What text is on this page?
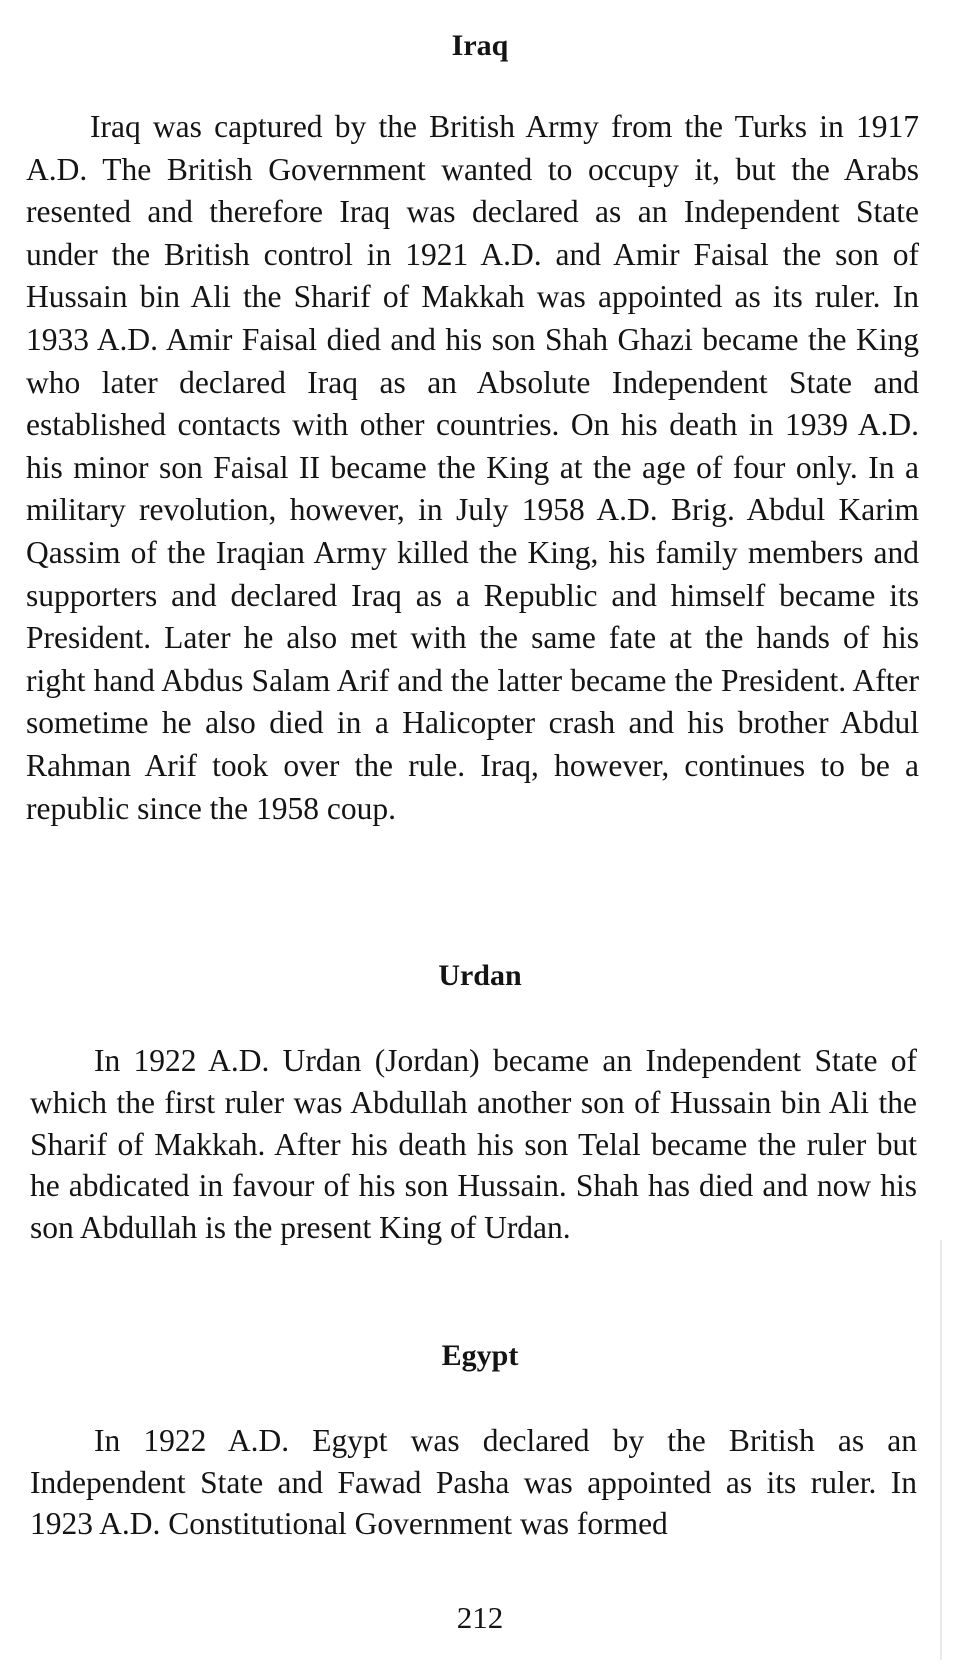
Iraq

Iraq was captured by the British Army from the Turks in 1917 A.D. The British Government wanted to occupy it, but the Arabs resented and therefore Iraq was declared as an Independent State under the British control in 1921 A.D. and Amir Faisal the son of Hussain bin Ali the Sharif of Makkah was appointed as its ruler. In 1933 A.D. Amir Faisal died and his son Shah Ghazi became the King who later declared Iraq as an Absolute Independent State and established contacts with other countries. On his death in 1939 A.D. his minor son Faisal II became the King at the age of four only. In a military revolution, however, in July 1958 A.D. Brig. Abdul Karim Qassim of the Iraqian Army killed the King, his family members and supporters and declared Iraq as a Republic and himself became its President. Later he also met with the same fate at the hands of his right hand Abdus Salam Arif and the latter became the President. After sometime he also died in a Halicopter crash and his brother Abdul Rahman Arif took over the rule. Iraq, however, continues to be a republic since the 1958 coup.

Urdan

In 1922 A.D. Urdan (Jordan) became an Independent State of which the first ruler was Abdullah another son of Hussain bin Ali the Sharif of Makkah. After his death his son Telal became the ruler but he abdicated in favour of his son Hussain. Shah has died and now his son Abdullah is the present King of Urdan.

Egypt

In 1922 A.D. Egypt was declared by the British as an Independent State and Fawad Pasha was appointed as its ruler. In 1923 A.D. Constitutional Government was formed

212
